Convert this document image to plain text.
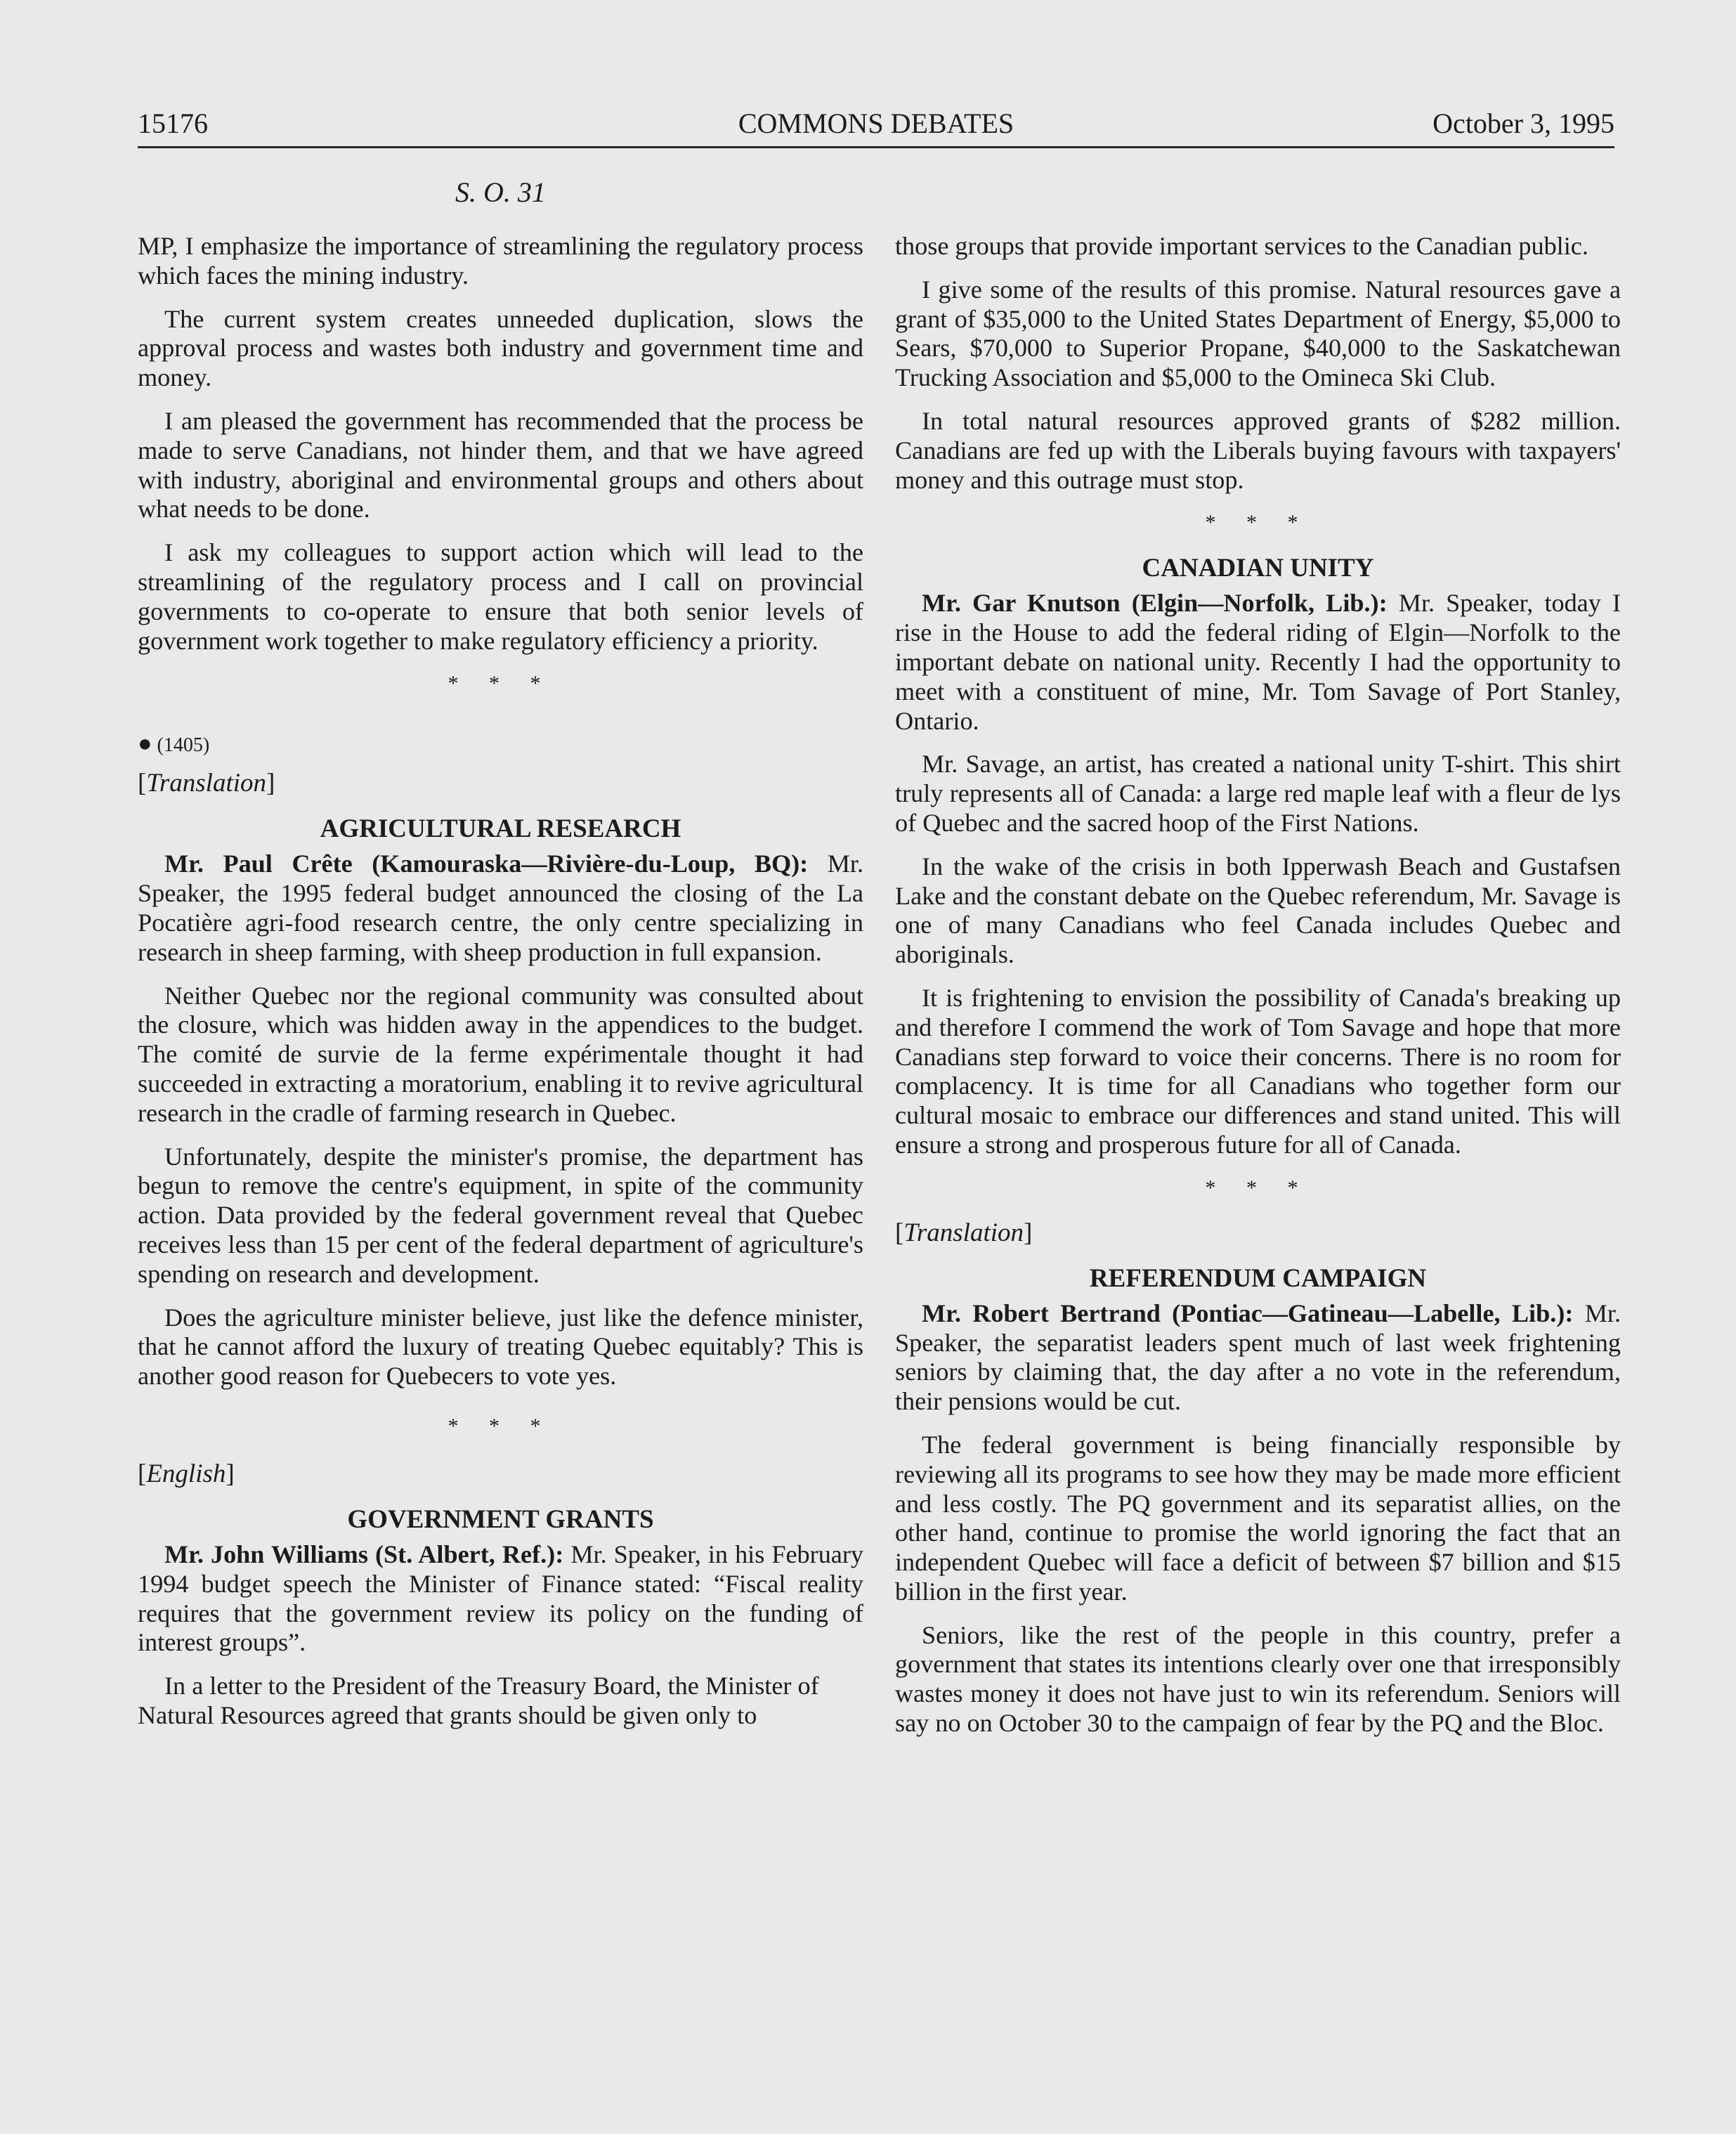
15176	COMMONS DEBATES	October 3, 1995
S. O. 31

MP, I emphasize the importance of streamlining the regulatory process which faces the mining industry.

The current system creates unneeded duplication, slows the approval process and wastes both industry and government time and money.

I am pleased the government has recommended that the process be made to serve Canadians, not hinder them, and that we have agreed with industry, aboriginal and environmental groups and others about what needs to be done.

I ask my colleagues to support action which will lead to the streamlining of the regulatory process and I call on provincial governments to co-operate to ensure that both senior levels of government work together to make regulatory efficiency a priority.

* * *
● (1405)
[Translation]
AGRICULTURAL RESEARCH

Mr. Paul Crête (Kamouraska—Rivière-du-Loup, BQ): Mr. Speaker, the 1995 federal budget announced the closing of the La Pocatière agri-food research centre, the only centre specializing in research in sheep farming, with sheep production in full expansion.

Neither Quebec nor the regional community was consulted about the closure, which was hidden away in the appendices to the budget. The comité de survie de la ferme expérimentale thought it had succeeded in extracting a moratorium, enabling it to revive agricultural research in the cradle of farming research in Quebec.

Unfortunately, despite the minister's promise, the department has begun to remove the centre's equipment, in spite of the community action. Data provided by the federal government reveal that Quebec receives less than 15 per cent of the federal department of agriculture's spending on research and development.

Does the agriculture minister believe, just like the defence minister, that he cannot afford the luxury of treating Quebec equitably? This is another good reason for Quebecers to vote yes.

* * *
[English]
GOVERNMENT GRANTS

Mr. John Williams (St. Albert, Ref.): Mr. Speaker, in his February 1994 budget speech the Minister of Finance stated: “Fiscal reality requires that the government review its policy on the funding of interest groups”.

In a letter to the President of the Treasury Board, the Minister of Natural Resources agreed that grants should be given only to

those groups that provide important services to the Canadian public.

I give some of the results of this promise. Natural resources gave a grant of $35,000 to the United States Department of Energy, $5,000 to Sears, $70,000 to Superior Propane, $40,000 to the Saskatchewan Trucking Association and $5,000 to the Omineca Ski Club.

In total natural resources approved grants of $282 million. Canadians are fed up with the Liberals buying favours with taxpayers' money and this outrage must stop.

* * *
CANADIAN UNITY

Mr. Gar Knutson (Elgin—Norfolk, Lib.): Mr. Speaker, today I rise in the House to add the federal riding of Elgin—Norfolk to the important debate on national unity. Recently I had the opportunity to meet with a constituent of mine, Mr. Tom Savage of Port Stanley, Ontario.

Mr. Savage, an artist, has created a national unity T-shirt. This shirt truly represents all of Canada: a large red maple leaf with a fleur de lys of Quebec and the sacred hoop of the First Nations.

In the wake of the crisis in both Ipperwash Beach and Gustafsen Lake and the constant debate on the Quebec referendum, Mr. Savage is one of many Canadians who feel Canada includes Quebec and aboriginals.

It is frightening to envision the possibility of Canada's breaking up and therefore I commend the work of Tom Savage and hope that more Canadians step forward to voice their concerns. There is no room for complacency. It is time for all Canadians who together form our cultural mosaic to embrace our differences and stand united. This will ensure a strong and prosperous future for all of Canada.

* * *
[Translation]
REFERENDUM CAMPAIGN

Mr. Robert Bertrand (Pontiac—Gatineau—Labelle, Lib.): Mr. Speaker, the separatist leaders spent much of last week frightening seniors by claiming that, the day after a no vote in the referendum, their pensions would be cut.

The federal government is being financially responsible by reviewing all its programs to see how they may be made more efficient and less costly. The PQ government and its separatist allies, on the other hand, continue to promise the world ignoring the fact that an independent Quebec will face a deficit of between $7 billion and $15 billion in the first year.

Seniors, like the rest of the people in this country, prefer a government that states its intentions clearly over one that irresponsibly wastes money it does not have just to win its referendum. Seniors will say no on October 30 to the campaign of fear by the PQ and the Bloc.
